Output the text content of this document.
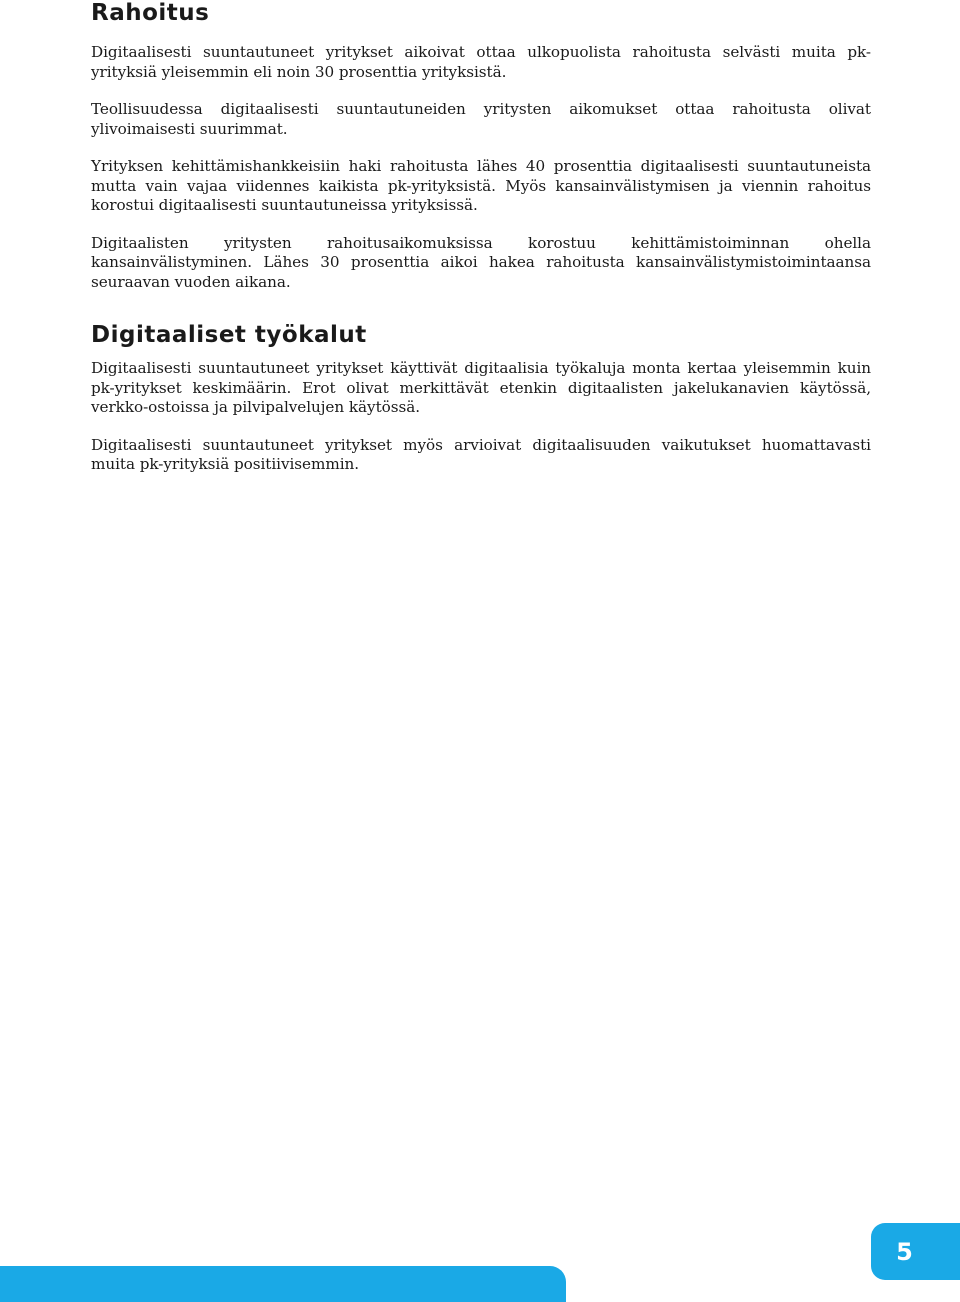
Rahoitus

Digitaalisesti suuntautuneet yritykset aikoivat ottaa ulkopuolista rahoitusta selvästi muita pk-yrityksiä yleisemmin eli noin 30 prosenttia yrityksistä.

Teollisuudessa digitaalisesti suuntautuneiden yritysten aikomukset ottaa rahoitusta olivat ylivoimaisesti suurimmat.

Yrityksen kehittämishankkeisiin haki rahoitusta lähes 40 prosenttia digitaalisesti suuntautuneista mutta vain vajaa viidennes kaikista pk-yrityksistä. Myös kansainvälistymisen ja viennin rahoitus korostui digitaalisesti suuntautuneissa yrityksissä.

Digitaalisten yritysten rahoitusaikomuksissa korostuu kehittämistoiminnan ohella kansainvälistyminen. Lähes 30 prosenttia aikoi hakea rahoitusta kansainvälistymistoimintaansa seuraavan vuoden aikana.

Digitaaliset työkalut

Digitaalisesti suuntautuneet yritykset käyttivät digitaalisia työkaluja monta kertaa yleisemmin kuin pk-yritykset keskimäärin. Erot olivat merkittävät etenkin digitaalisten jakelukanavien käytössä, verkko-ostoissa ja pilvipalvelujen käytössä.

Digitaalisesti suuntautuneet yritykset myös arvioivat digitaalisuuden vaikutukset huomattavasti muita pk-yrityksiä positiivisemmin.

5
